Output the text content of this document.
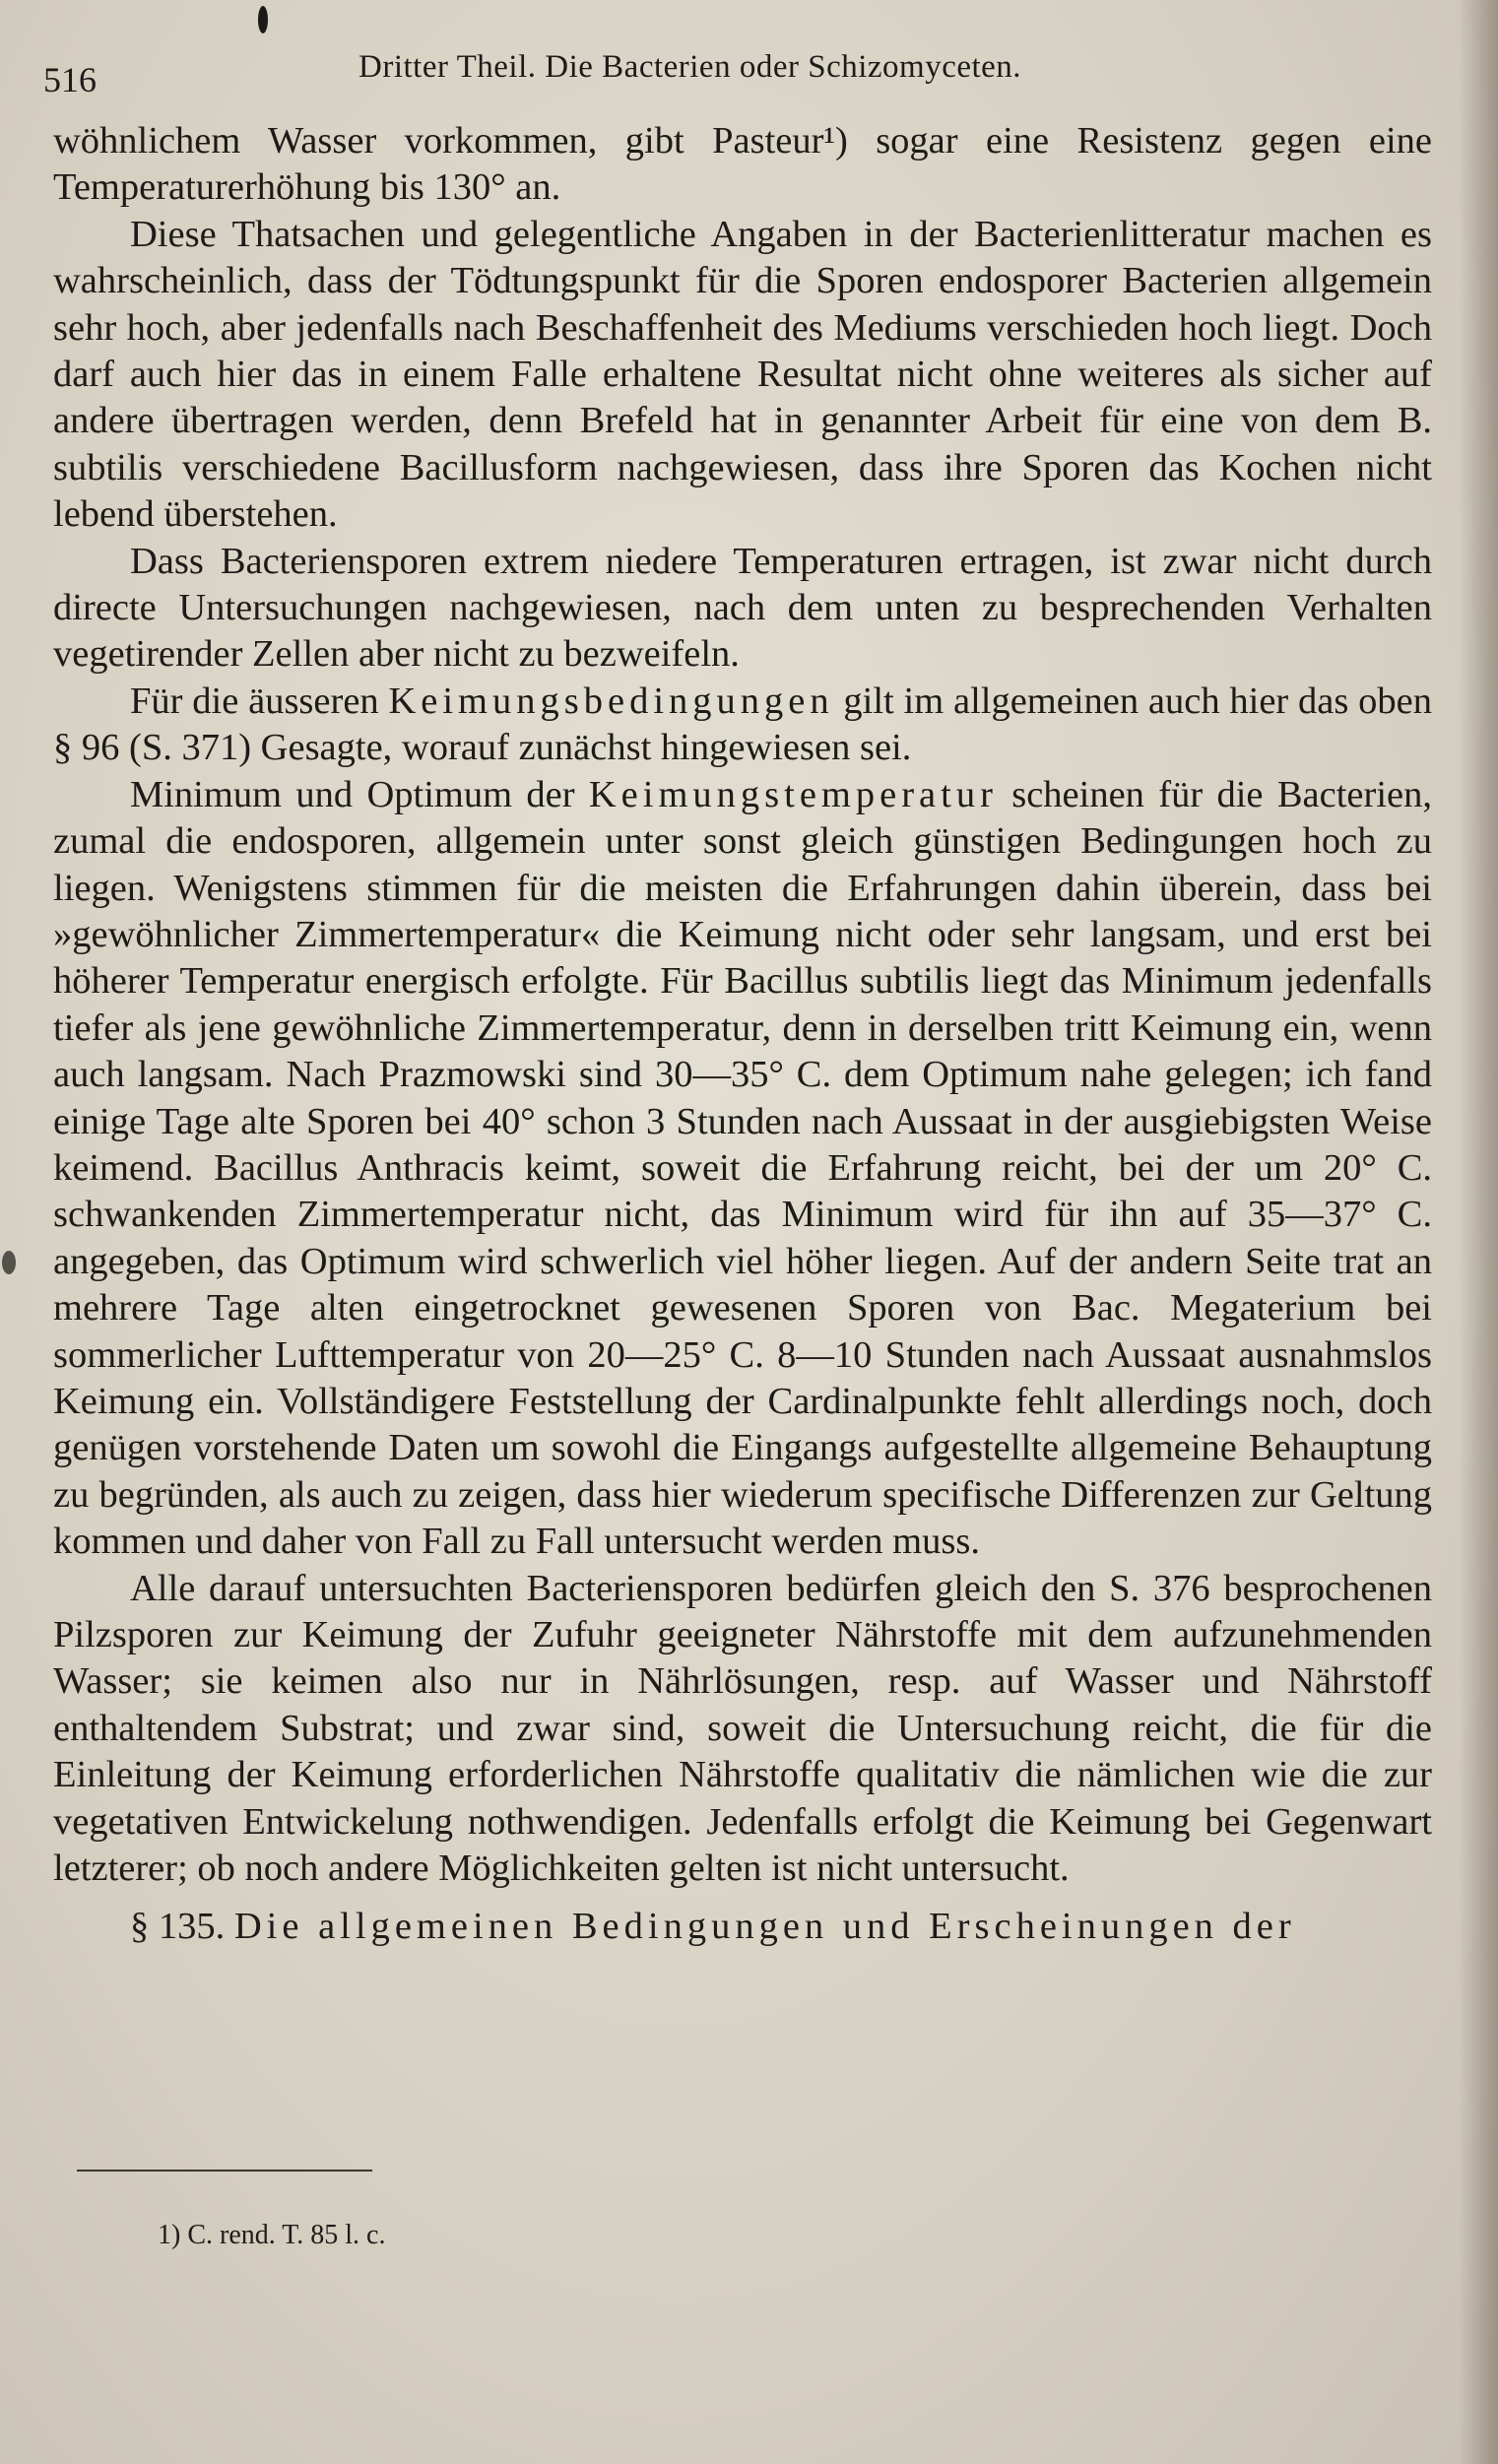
516	Dritter Theil. Die Bacterien oder Schizomyceten.

wöhnlichem Wasser vorkommen, gibt Pasteur¹) sogar eine Resistenz gegen eine Temperaturerhöhung bis 130° an.

Diese Thatsachen und gelegentliche Angaben in der Bacterienlitteratur machen es wahrscheinlich, dass der Tödtungspunkt für die Sporen endosporer Bacterien allgemein sehr hoch, aber jedenfalls nach Beschaffenheit des Mediums verschieden hoch liegt. Doch darf auch hier das in einem Falle erhaltene Resultat nicht ohne weiteres als sicher auf andere übertragen werden, denn Brefeld hat in genannter Arbeit für eine von dem B. subtilis verschiedene Bacillusform nachgewiesen, dass ihre Sporen das Kochen nicht lebend überstehen.

Dass Bacteriensporen extrem niedere Temperaturen ertragen, ist zwar nicht durch directe Untersuchungen nachgewiesen, nach dem unten zu besprechenden Verhalten vegetirender Zellen aber nicht zu bezweifeln.

Für die äusseren Keimungsbedingungen gilt im allgemeinen auch hier das oben § 96 (S. 371) Gesagte, worauf zunächst hingewiesen sei.

Minimum und Optimum der Keimungstemperatur scheinen für die Bacterien, zumal die endosporen, allgemein unter sonst gleich günstigen Bedingungen hoch zu liegen. Wenigstens stimmen für die meisten die Erfahrungen dahin überein, dass bei »gewöhnlicher Zimmertemperatur« die Keimung nicht oder sehr langsam, und erst bei höherer Temperatur energisch erfolgte. Für Bacillus subtilis liegt das Minimum jedenfalls tiefer als jene gewöhnliche Zimmertemperatur, denn in derselben tritt Keimung ein, wenn auch langsam. Nach Prazmowski sind 30—35° C. dem Optimum nahe gelegen; ich fand einige Tage alte Sporen bei 40° schon 3 Stunden nach Aussaat in der ausgiebigsten Weise keimend. Bacillus Anthracis keimt, soweit die Erfahrung reicht, bei der um 20° C. schwankenden Zimmertemperatur nicht, das Minimum wird für ihn auf 35—37° C. angegeben, das Optimum wird schwerlich viel höher liegen. Auf der andern Seite trat an mehrere Tage alten eingetrocknet gewesenen Sporen von Bac. Megaterium bei sommerlicher Lufttemperatur von 20—25° C. 8—10 Stunden nach Aussaat ausnahmslos Keimung ein. Vollständigere Feststellung der Cardinalpunkte fehlt allerdings noch, doch genügen vorstehende Daten um sowohl die Eingangs aufgestellte allgemeine Behauptung zu begründen, als auch zu zeigen, dass hier wiederum specifische Differenzen zur Geltung kommen und daher von Fall zu Fall untersucht werden muss.

Alle darauf untersuchten Bacteriensporen bedürfen gleich den S. 376 besprochenen Pilzsporen zur Keimung der Zufuhr geeigneter Nährstoffe mit dem aufzunehmenden Wasser; sie keimen also nur in Nährlösungen, resp. auf Wasser und Nährstoff enthaltendem Substrat; und zwar sind, soweit die Untersuchung reicht, die für die Einleitung der Keimung erforderlichen Nährstoffe qualitativ die nämlichen wie die zur vegetativen Entwickelung nothwendigen. Jedenfalls erfolgt die Keimung bei Gegenwart letzterer; ob noch andere Möglichkeiten gelten ist nicht untersucht.

§ 135. Die allgemeinen Bedingungen und Erscheinungen der

1) C. rend. T. 85 l. c.
